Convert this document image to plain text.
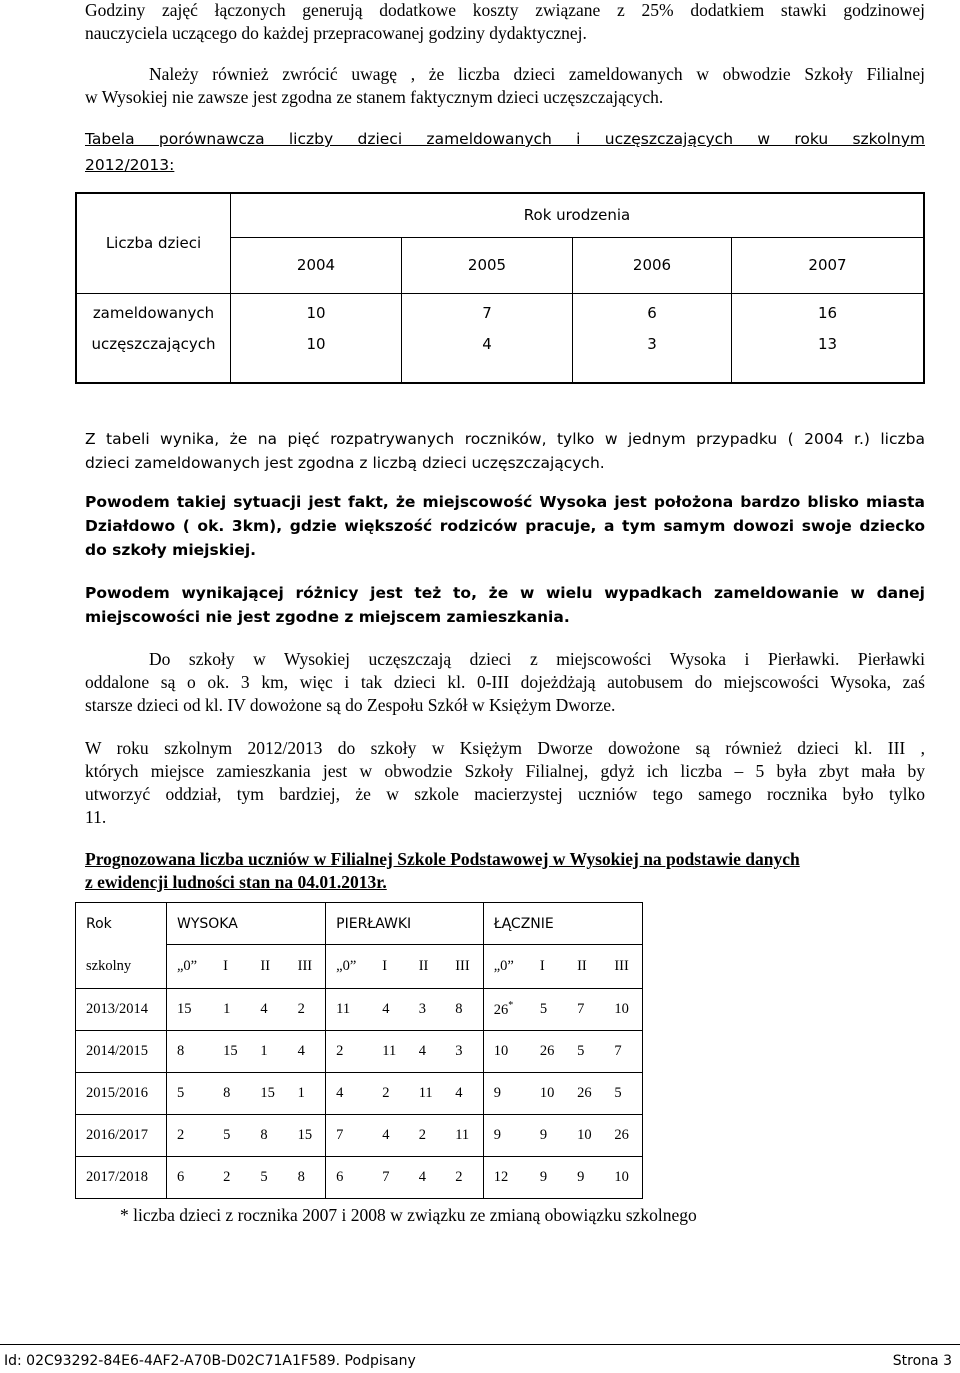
Godziny zajęć łączonych generują dodatkowe koszty związane z 25% dodatkiem stawki godzinowej

nauczyciela uczącego do każdej przepracowanej godziny dydaktycznej.

Należy również zwrócić uwagę , że liczba dzieci zameldowanych w obwodzie Szkoły Filialnej

w Wysokiej nie zawsze jest zgodna ze stanem faktycznym dzieci uczęszczających.

Tabela porównawcza liczby dzieci zameldowanych i uczęszczających w roku szkolnym

2012/2013:

Z tabeli wynika, że na pięć rozpatrywanych roczników, tylko w jednym przypadku ( 2004 r.) liczba

dzieci zameldowanych jest zgodna z liczbą dzieci uczęszczających.

Powodem takiej sytuacji jest fakt, że miejscowość Wysoka jest położona bardzo blisko miasta

Działdowo ( ok. 3km), gdzie większość rodziców pracuje, a tym samym dowozi swoje dziecko

do szkoły miejskiej.

Powodem wynikającej różnicy jest też to, że w wielu wypadkach zameldowanie w danej

miejscowości nie jest zgodne z miejscem zamieszkania.

Do szkoły w Wysokiej uczęszczają dzieci z miejscowości Wysoka i Pierławki. Pierławki

oddalone są o ok. 3 km, więc i tak dzieci kl. 0-III dojeżdżają autobusem do miejscowości Wysoka, zaś

starsze dzieci od kl. IV dowożone są do Zespołu Szkół w Księżym Dworze.

W roku szkolnym 2012/2013 do szkoły w Księżym Dworze dowożone są również dzieci kl. III ,

których miejsce zamieszkania jest w obwodzie Szkoły Filialnej, gdyż ich liczba – 5 była zbyt mała by

utworzyć oddział, tym bardziej, że w szkole macierzystej uczniów tego samego rocznika było tylko

11.

Prognozowana liczba uczniów w Filialnej Szkole Podstawowej w Wysokiej na podstawie danych

z ewidencji ludności stan na 04.01.2013r.

Liczba dzieci	Rok urodzenia			
	2004	2005	2006	2007
zameldowanych	10	7	6	16
uczęszczających	10	4	3	13
Rok	WYSOKA				PIERŁAWKI				ŁĄCZNIE			
szkolny	„0”	I	II	III	„0”	I	II	III	„0”	I	II	III
2013/2014	15	1	4	2	11	4	3	8	26*	5	7	10
2014/2015	8	15	1	4	2	11	4	3	10	26	5	7
2015/2016	5	8	15	1	4	2	11	4	9	10	26	5
2016/2017	2	5	8	15	7	4	2	11	9	9	10	26
2017/2018	6	2	5	8	6	7	4	2	12	9	9	10
* liczba dzieci z rocznika 2007 i 2008 w związku ze zmianą obowiązku szkolnego
Id: 02C93292-84E6-4AF2-A70B-D02C71A1F589. Podpisany	Strona 3
